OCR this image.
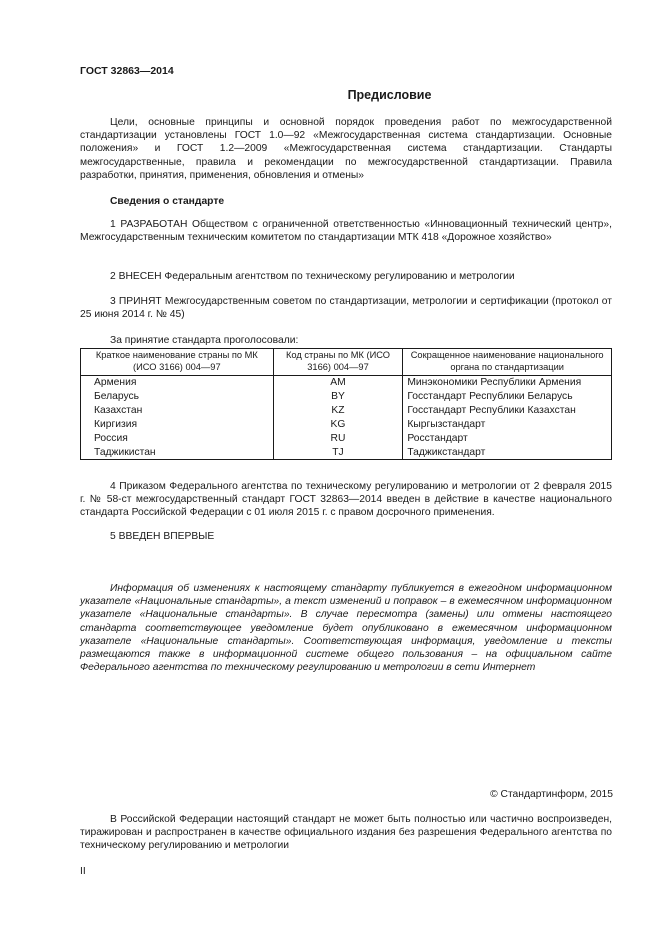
ГОСТ 32863—2014
Предисловие

Цели, основные принципы и основной порядок проведения работ по межгосударственной стандартизации установлены ГОСТ 1.0—92 «Межгосударственная система стандартизации. Основные положения» и ГОСТ 1.2—2009 «Межгосударственная система стандартизации. Стандарты межгосударственные, правила и рекомендации по межгосударственной стандартизации. Правила разработки, принятия, применения, обновления и отмены»

Сведения о стандарте

1 РАЗРАБОТАН Обществом с ограниченной ответственностью «Инновационный технический центр», Межгосударственным техническим комитетом по стандартизации МТК 418 «Дорожное хозяйство»

2 ВНЕСЕН Федеральным агентством по техническому регулированию и метрологии

3 ПРИНЯТ Межгосударственным советом по стандартизации, метрологии и сертификации (протокол от 25 июня 2014 г. № 45)

За принятие стандарта проголосовали:
Краткое наименование страны по МК (ИСО 3166) 004—97	Код страны по МК (ИСО 3166) 004—97	Сокращенное наименование национального органа по стандартизации
Армения	AM	Минэкономики Республики Армения
Беларусь	BY	Госстандарт Республики Беларусь
Казахстан	KZ	Госстандарт Республики Казахстан
Киргизия	KG	Кыргызстандарт
Россия	RU	Росстандарт
Таджикистан	TJ	Таджикстандарт

4 Приказом Федерального агентства по техническому регулированию и метрологии от 2 февраля 2015 г. № 58-ст межгосударственный стандарт ГОСТ 32863—2014 введен в действие в качестве национального стандарта Российской Федерации с 01 июля 2015 г. с правом досрочного применения.

5 ВВЕДЕН ВПЕРВЫЕ

Информация об изменениях к настоящему стандарту публикуется в ежегодном информационном указателе «Национальные стандарты», а текст изменений и поправок – в ежемесячном информационном указателе «Национальные стандарты». В случае пересмотра (замены) или отмены настоящего стандарта соответствующее уведомление будет опубликовано в ежемесячном информационном указателе «Национальные стандарты». Соответствующая информация, уведомление и тексты размещаются также в информационной системе общего пользования – на официальном сайте Федерального агентства по техническому регулированию и метрологии в сети Интернет

© Стандартинформ, 2015

В Российской Федерации настоящий стандарт не может быть полностью или частично воспроизведен, тиражирован и распространен в качестве официального издания без разрешения Федерального агентства по техническому регулированию и метрологии

II
